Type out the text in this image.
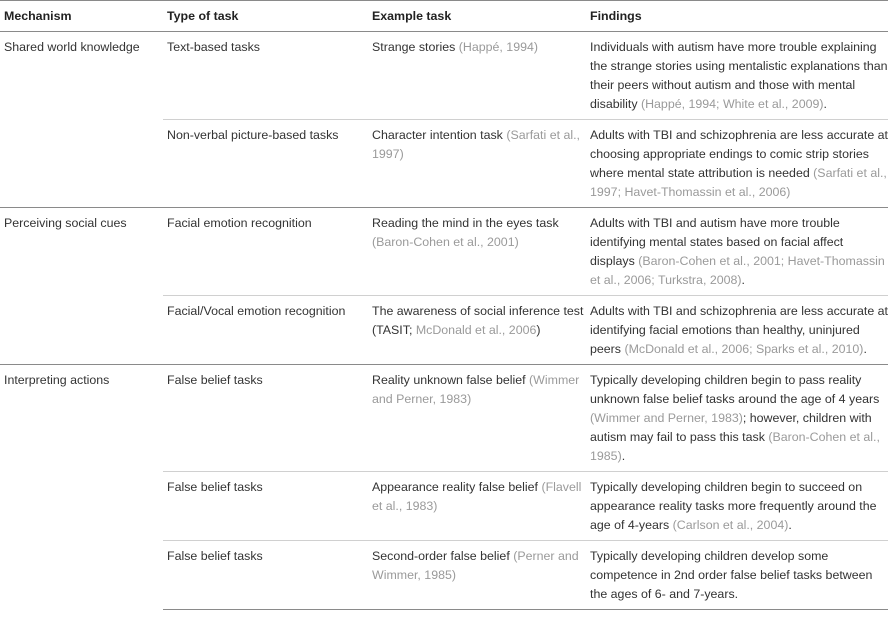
Mechanism	Type of task	Example task	Findings
Shared world knowledge	Text-based tasks	Strange stories (Happé, 1994)	Individuals with autism have more trouble explaining the strange stories using mentalistic explanations than their peers without autism and those with mental disability (Happé, 1994; White et al., 2009).
	Non-verbal picture-based tasks	Character intention task (Sarfati et al., 1997)	Adults with TBI and schizophrenia are less accurate at choosing appropriate endings to comic strip stories where mental state attribution is needed (Sarfati et al., 1997; Havet-Thomassin et al., 2006)
Perceiving social cues	Facial emotion recognition	Reading the mind in the eyes task (Baron-Cohen et al., 2001)	Adults with TBI and autism have more trouble identifying mental states based on facial affect displays (Baron-Cohen et al., 2001; Havet-Thomassin et al., 2006; Turkstra, 2008).
	Facial/Vocal emotion recognition	The awareness of social inference test (TASIT; McDonald et al., 2006)	Adults with TBI and schizophrenia are less accurate at identifying facial emotions than healthy, uninjured peers (McDonald et al., 2006; Sparks et al., 2010).
Interpreting actions	False belief tasks	Reality unknown false belief (Wimmer and Perner, 1983)	Typically developing children begin to pass reality unknown false belief tasks around the age of 4 years (Wimmer and Perner, 1983); however, children with autism may fail to pass this task (Baron-Cohen et al., 1985).
	False belief tasks	Appearance reality false belief (Flavell et al., 1983)	Typically developing children begin to succeed on appearance reality tasks more frequently around the age of 4-years (Carlson et al., 2004).
	False belief tasks	Second-order false belief (Perner and Wimmer, 1985)	Typically developing children develop some competence in 2nd order false belief tasks between the ages of 6- and 7-years.
